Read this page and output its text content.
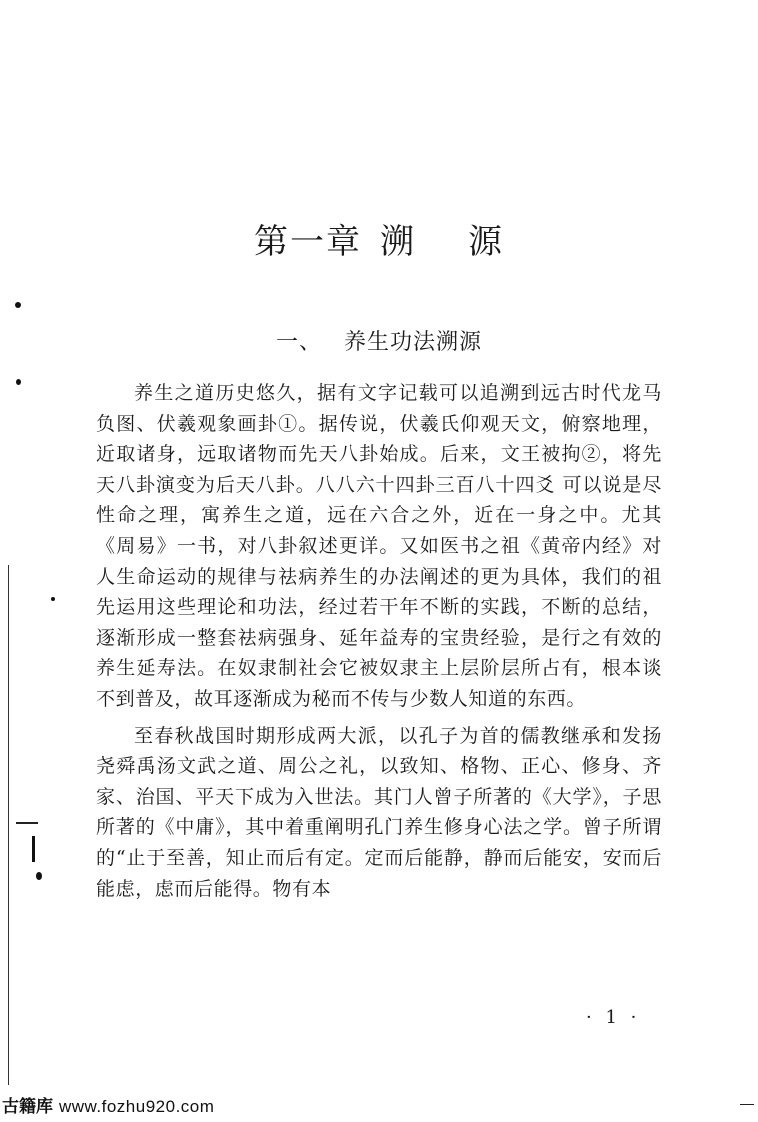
第一章 溯 源
一、 养生功法溯源

养生之道历史悠久，据有文字记载可以追溯到远古时代龙马负图、伏羲观象画卦①。据传说，伏羲氏仰观天文，俯察地理，近取诸身，远取诸物而先天八卦始成。后来，文王被拘②，将先天八卦演变为后天八卦。八八六十四卦三百八十四爻 可以说是尽性命之理，寓养生之道，远在六合之外，近在一身之中。尤其《周易》一书，对八卦叙述更详。又如医书之祖《黄帝内经》对人生命运动的规律与祛病养生的办法阐述的更为具体，我们的祖先运用这些理论和功法，经过若干年不断的实践，不断的总结，逐渐形成一整套祛病强身、延年益寿的宝贵经验，是行之有效的养生延寿法。在奴隶制社会它被奴隶主上层阶层所占有，根本谈不到普及，故耳逐渐成为秘而不传与少数人知道的东西。

至春秋战国时期形成两大派，以孔子为首的儒教继承和发扬尧舜禹汤文武之道、周公之礼，以致知、格物、正心、修身、齐家、治国、平天下成为入世法。其门人曾子所著的《大学》，子思所著的《中庸》，其中着重阐明孔门养生修身心法之学。曾子所谓的“止于至善，知止而后有定。定而后能静，静而后能安，安而后能虑，虑而后能得。物有本

· 1 ·
古籍库 www.fozhu920.com
